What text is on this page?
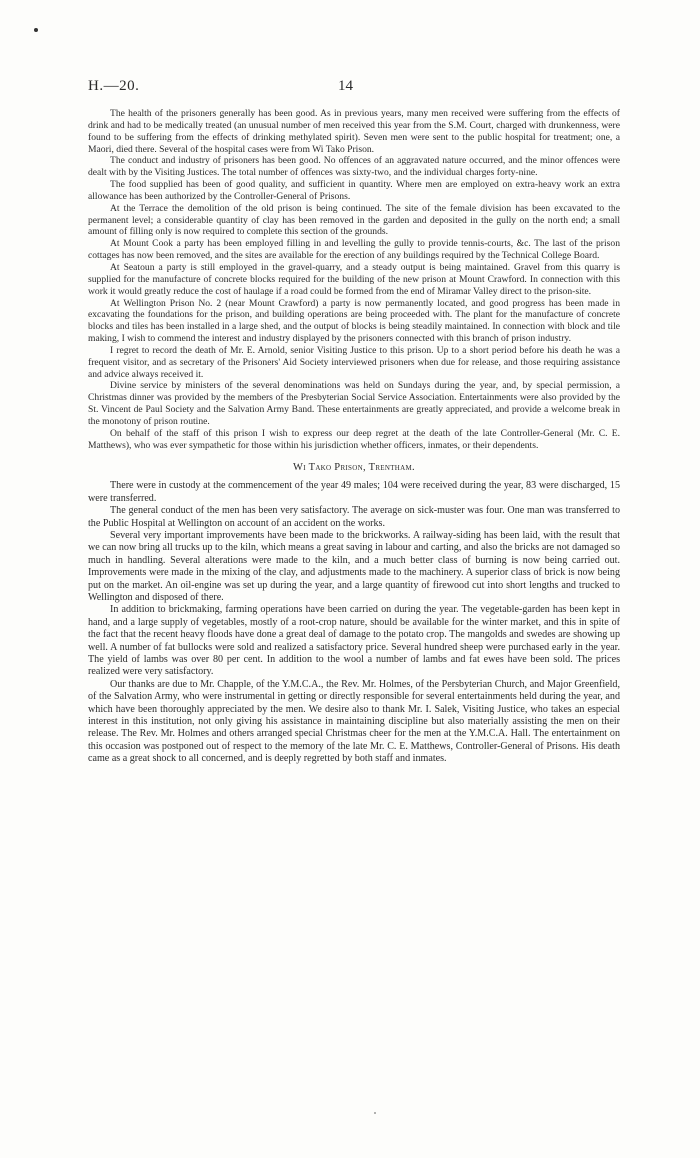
H.—20.	14

The health of the prisoners generally has been good. As in previous years, many men received were suffering from the effects of drink and had to be medically treated (an unusual number of men received this year from the S.M. Court, charged with drunkenness, were found to be suffering from the effects of drinking methylated spirit). Seven men were sent to the public hospital for treatment; one, a Maori, died there. Several of the hospital cases were from Wi Tako Prison.

The conduct and industry of prisoners has been good. No offences of an aggravated nature occurred, and the minor offences were dealt with by the Visiting Justices. The total number of offences was sixty-two, and the individual charges forty-nine.

The food supplied has been of good quality, and sufficient in quantity. Where men are employed on extra-heavy work an extra allowance has been authorized by the Controller-General of Prisons.

At the Terrace the demolition of the old prison is being continued. The site of the female division has been excavated to the permanent level; a considerable quantity of clay has been removed in the garden and deposited in the gully on the north end; a small amount of filling only is now required to complete this section of the grounds.

At Mount Cook a party has been employed filling in and levelling the gully to provide tennis-courts, &c. The last of the prison cottages has now been removed, and the sites are available for the erection of any buildings required by the Technical College Board.

At Seatoun a party is still employed in the gravel-quarry, and a steady output is being maintained. Gravel from this quarry is supplied for the manufacture of concrete blocks required for the building of the new prison at Mount Crawford. In connection with this work it would greatly reduce the cost of haulage if a road could be formed from the end of Miramar Valley direct to the prison-site.

At Wellington Prison No. 2 (near Mount Crawford) a party is now permanently located, and good progress has been made in excavating the foundations for the prison, and building operations are being proceeded with. The plant for the manufacture of concrete blocks and tiles has been installed in a large shed, and the output of blocks is being steadily maintained. In connection with block and tile making, I wish to commend the interest and industry displayed by the prisoners connected with this branch of prison industry.

I regret to record the death of Mr. E. Arnold, senior Visiting Justice to this prison. Up to a short period before his death he was a frequent visitor, and as secretary of the Prisoners' Aid Society interviewed prisoners when due for release, and those requiring assistance and advice always received it.

Divine service by ministers of the several denominations was held on Sundays during the year, and, by special permission, a Christmas dinner was provided by the members of the Presbyterian Social Service Association. Entertainments were also provided by the St. Vincent de Paul Society and the Salvation Army Band. These entertainments are greatly appreciated, and provide a welcome break in the monotony of prison routine.

On behalf of the staff of this prison I wish to express our deep regret at the death of the late Controller-General (Mr. C. E. Matthews), who was ever sympathetic for those within his jurisdiction whether officers, inmates, or their dependents.

Wi Tako Prison, Trentham.

There were in custody at the commencement of the year 49 males; 104 were received during the year, 83 were discharged, 15 were transferred.

The general conduct of the men has been very satisfactory. The average on sick-muster was four. One man was transferred to the Public Hospital at Wellington on account of an accident on the works.

Several very important improvements have been made to the brickworks. A railway-siding has been laid, with the result that we can now bring all trucks up to the kiln, which means a great saving in labour and carting, and also the bricks are not damaged so much in handling. Several alterations were made to the kiln, and a much better class of burning is now being carried out. Improvements were made in the mixing of the clay, and adjustments made to the machinery. A superior class of brick is now being put on the market. An oil-engine was set up during the year, and a large quantity of firewood cut into short lengths and trucked to Wellington and disposed of there.

In addition to brickmaking, farming operations have been carried on during the year. The vegetable-garden has been kept in hand, and a large supply of vegetables, mostly of a root-crop nature, should be available for the winter market, and this in spite of the fact that the recent heavy floods have done a great deal of damage to the potato crop. The mangolds and swedes are showing up well. A number of fat bullocks were sold and realized a satisfactory price. Several hundred sheep were purchased early in the year. The yield of lambs was over 80 per cent. In addition to the wool a number of lambs and fat ewes have been sold. The prices realized were very satisfactory.

Our thanks are due to Mr. Chapple, of the Y.M.C.A., the Rev. Mr. Holmes, of the Persbyterian Church, and Major Greenfield, of the Salvation Army, who were instrumental in getting or directly responsible for several entertainments held during the year, and which have been thoroughly appreciated by the men. We desire also to thank Mr. I. Salek, Visiting Justice, who takes an especial interest in this institution, not only giving his assistance in maintaining discipline but also materially assisting the men on their release. The Rev. Mr. Holmes and others arranged special Christmas cheer for the men at the Y.M.C.A. Hall. The entertainment on this occasion was postponed out of respect to the memory of the late Mr. C. E. Matthews, Controller-General of Prisons. His death came as a great shock to all concerned, and is deeply regretted by both staff and inmates.
